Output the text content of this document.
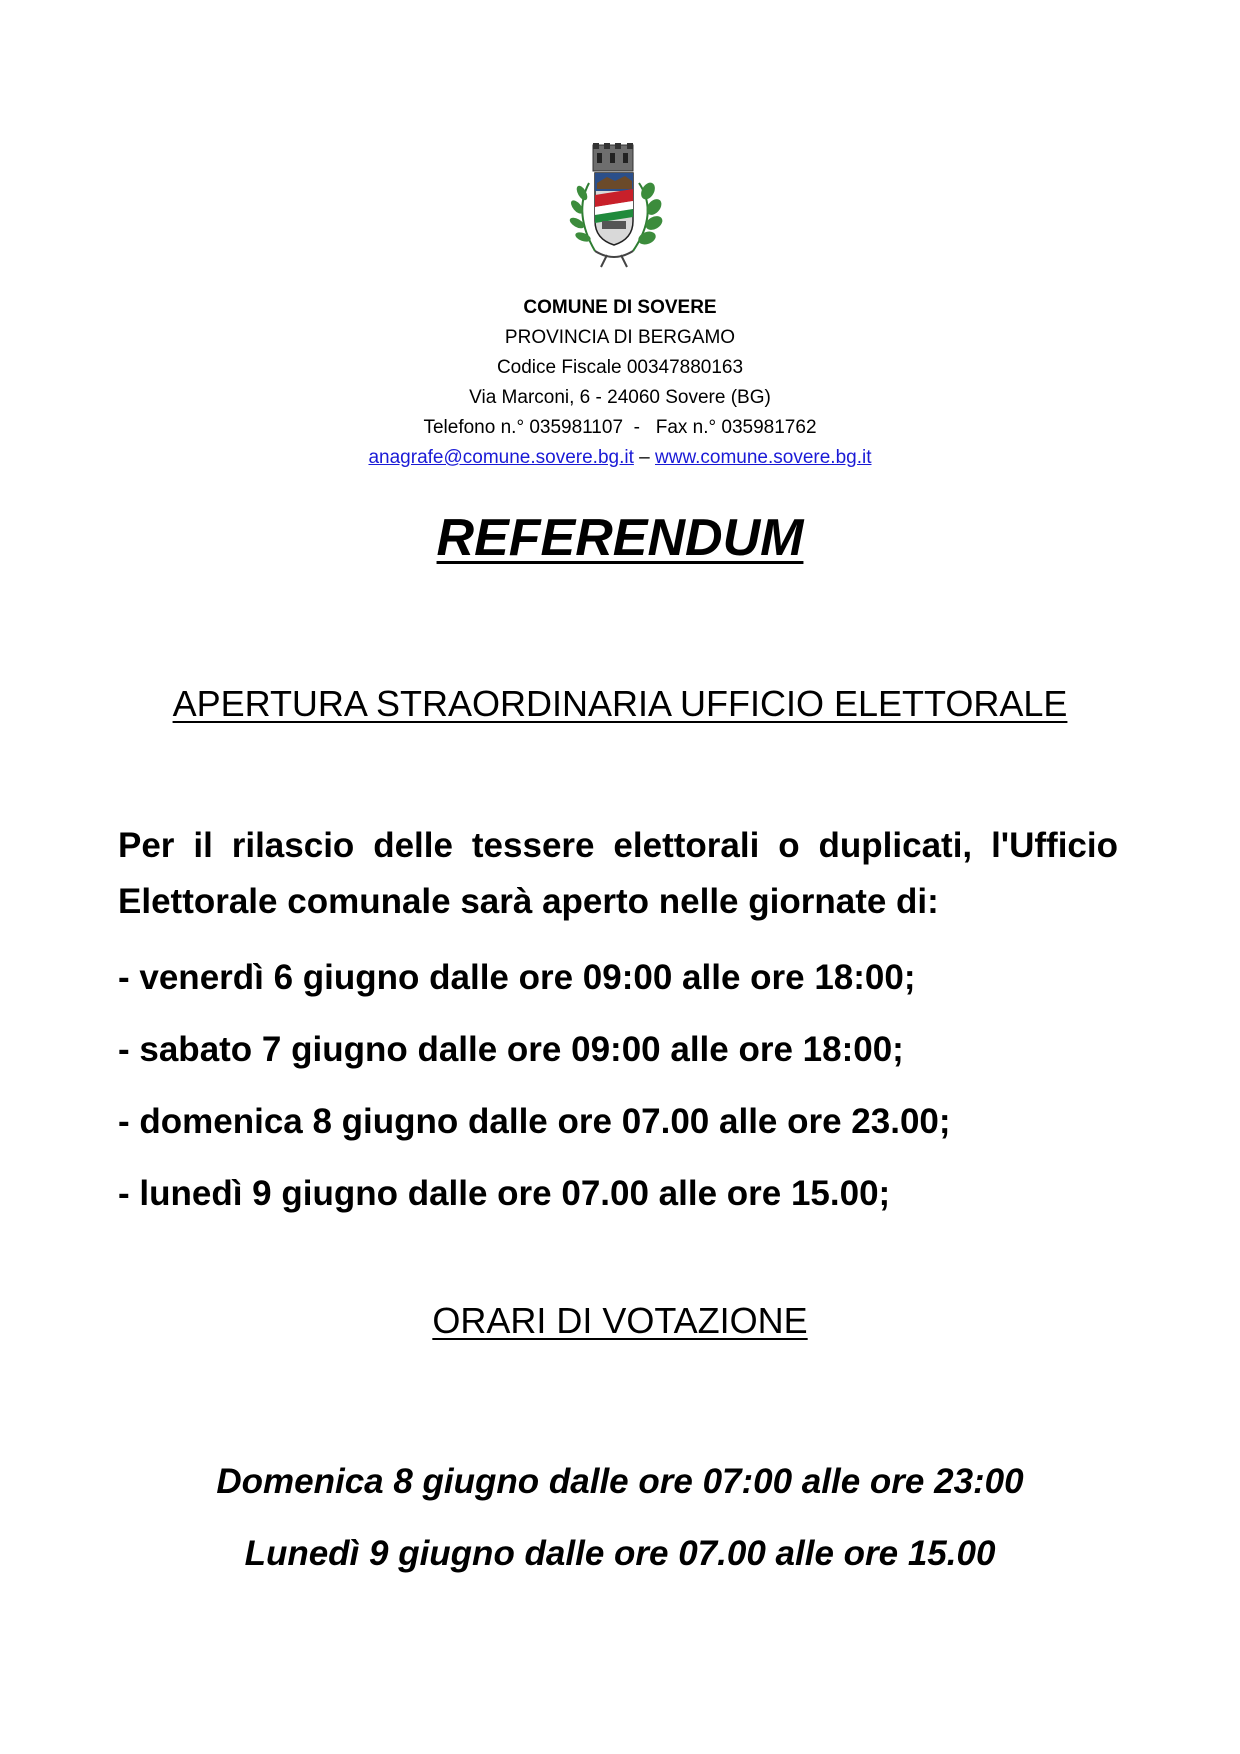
COMUNE DI SOVERE
PROVINCIA DI BERGAMO
Codice Fiscale 00347880163
Via Marconi, 6 - 24060 Sovere (BG)
Telefono n.° 035981107  -   Fax n.° 035981762
anagrafe@comune.sovere.bg.it – www.comune.sovere.bg.it
REFERENDUM
APERTURA STRAORDINARIA UFFICIO ELETTORALE
Per il rilascio delle tessere elettorali o duplicati, l'Ufficio Elettorale comunale sarà aperto nelle giornate di:
- venerdì 6 giugno dalle ore 09:00 alle ore 18:00;
- sabato 7 giugno dalle ore 09:00 alle ore 18:00;
- domenica 8 giugno dalle ore 07.00 alle ore 23.00;
- lunedì 9 giugno dalle ore 07.00 alle ore 15.00;
ORARI DI VOTAZIONE
Domenica 8 giugno dalle ore 07:00 alle ore 23:00
Lunedì 9 giugno dalle ore 07.00 alle ore 15.00
